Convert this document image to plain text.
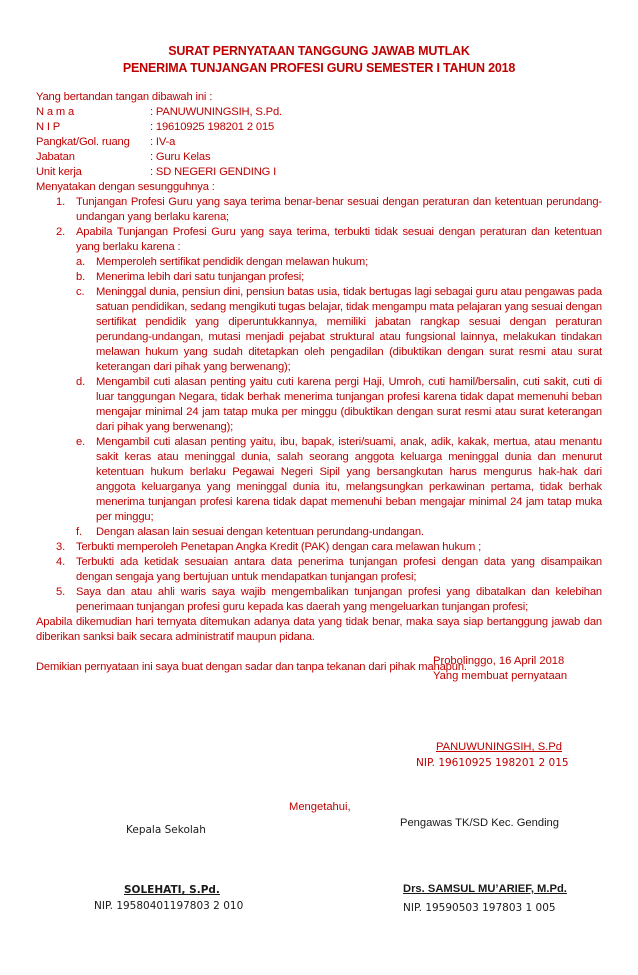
SURAT PERNYATAAN TANGGUNG JAWAB MUTLAK
PENERIMA TUNJANGAN PROFESI GURU SEMESTER I TAHUN 2018
Yang bertandan tangan dibawah ini :
N a m a	: PANUWUNINGSIH, S.Pd.
N I P	: 19610925 198201 2 015
Pangkat/Gol. ruang	: IV-a
Jabatan	: Guru Kelas
Unit kerja	: SD NEGERI GENDING I
Menyatakan dengan sesungguhnya :
1. Tunjangan Profesi Guru yang saya terima benar-benar sesuai dengan peraturan dan ketentuan perundang-undangan yang berlaku karena;
2. Apabila Tunjangan Profesi Guru yang saya terima, terbukti tidak sesuai dengan peraturan dan ketentuan yang berlaku karena :
a. Memperoleh sertifikat pendidik dengan melawan hukum;
b. Menerima lebih dari satu tunjangan profesi;
c. Meninggal dunia, pensiun dini, pensiun batas usia, tidak bertugas lagi sebagai guru atau pengawas pada satuan pendidikan, sedang mengikuti tugas belajar, tidak mengampu mata pelajaran yang sesuai dengan sertifikat pendidik yang diperuntukkannya, memiliki jabatan rangkap sesuai dengan peraturan perundang-undangan, mutasi menjadi pejabat struktural atau fungsional lainnya, melakukan tindakan melawan hukum yang sudah ditetapkan oleh pengadilan (dibuktikan dengan surat resmi atau surat keterangan dari pihak yang berwenang);
d. Mengambil cuti alasan penting yaitu cuti karena pergi Haji, Umroh, cuti hamil/bersalin, cuti sakit, cuti di luar tanggungan Negara, tidak berhak menerima tunjangan profesi karena tidak dapat memenuhi beban mengajar minimal 24 jam tatap muka per minggu (dibuktikan dengan surat resmi atau surat keterangan dari pihak yang berwenang);
e. Mengambil cuti alasan penting yaitu, ibu, bapak, isteri/suami, anak, adik, kakak, mertua, atau menantu sakit keras atau meninggal dunia, salah seorang anggota keluarga meninggal dunia dan menurut ketentuan hukum berlaku Pegawai Negeri Sipil yang bersangkutan harus mengurus hak-hak dari anggota keluarganya yang meninggal dunia itu, melangsungkan perkawinan pertama, tidak berhak menerima tunjangan profesi karena tidak dapat memenuhi beban mengajar minimal 24 jam tatap muka per minggu;
f. Dengan alasan lain sesuai dengan ketentuan perundang-undangan.
3. Terbukti memperoleh Penetapan Angka Kredit (PAK) dengan cara melawan hukum ;
4. Terbukti ada ketidak sesuaian antara data penerima tunjangan profesi dengan data yang disampaikan dengan sengaja yang bertujuan untuk mendapatkan tunjangan profesi;
5. Saya dan atau ahli waris saya wajib mengembalikan tunjangan profesi yang dibatalkan dan kelebihan penerimaan tunjangan profesi guru kepada kas daerah yang mengeluarkan tunjangan profesi;
Apabila dikemudian hari ternyata ditemukan adanya data yang tidak benar, maka saya siap bertanggung jawab dan diberikan sanksi baik secara administratif maupun pidana.
Demikian pernyataan ini saya buat dengan sadar dan tanpa tekanan dari pihak manapun.
Probolinggo, 16 April 2018
Yang membuat pernyataan
PANUWUNINGSIH, S.Pd
NIP. 19610925 198201 2 015
Mengetahui,
Kepala Sekolah
SOLEHATI, S.Pd.
NIP. 19580401197803 2 010
Pengawas TK/SD Kec. Gending
Drs. SAMSUL MU’ARIEF, M.Pd.
NIP. 19590503 197803 1 005
